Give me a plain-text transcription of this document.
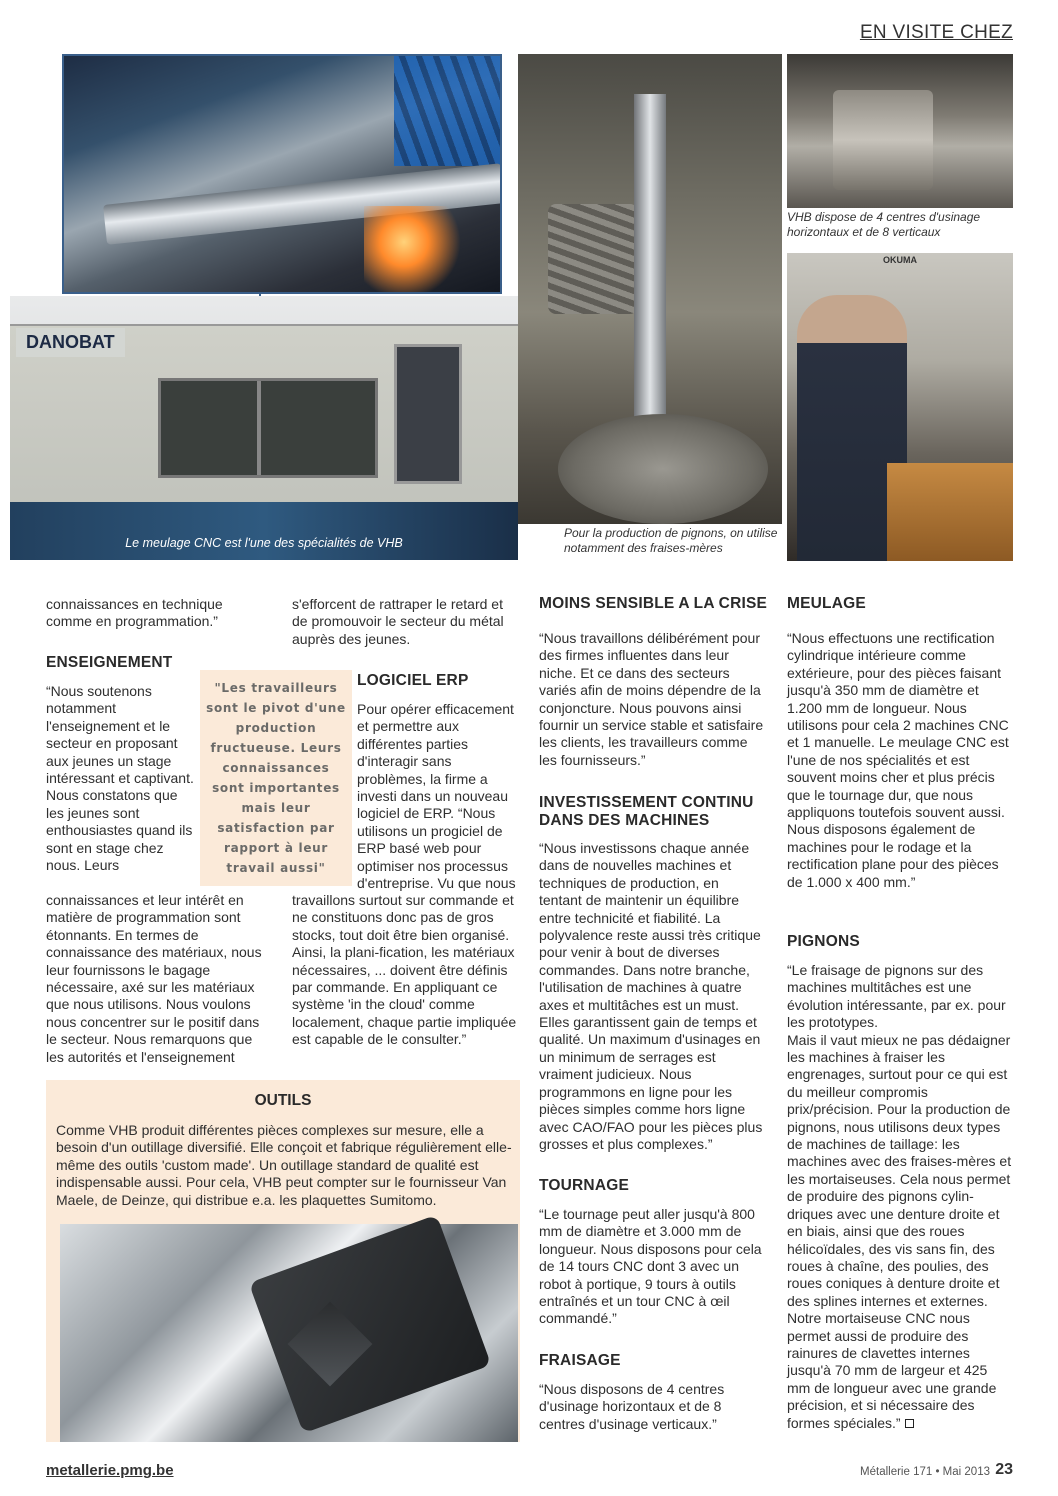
EN VISITE CHEZ
DANOBAT
Le meulage CNC est l'une des spécialités de VHB
Pour la production de pignons, on utilise notamment des fraises-mères
VHB dispose de 4 centres d'usinage horizontaux et de 8 verticaux
OKUMA
connaissances en technique comme en programmation.”
ENSEIGNEMENT
“Nous soutenons notamment l'enseignement et le secteur en proposant aux jeunes un stage intéressant et captivant. Nous constatons que les jeunes sont enthousiastes quand ils sont en stage chez nous. Leurs
connaissances et leur intérêt en matière de programmation sont étonnants. En termes de connaissance des matériaux, nous leur fournissons le bagage nécessaire, axé sur les matériaux que nous utilisons. Nous voulons nous concentrer sur le positif dans le secteur. Nous remarquons que les autorités et l'enseignement
"Les travailleurs sont le pivot d'une production fructueuse. Leurs connaissances sont importantes mais leur satisfaction par rapport à leur travail aussi"
s'efforcent de rattraper le retard et de promouvoir le secteur du métal auprès des jeunes.
LOGICIEL ERP
Pour opérer efficacement et permettre aux différentes parties d'interagir sans problèmes, la firme a investi dans un nouveau logiciel de ERP. “Nous utilisons un progiciel de ERP basé web pour optimiser nos processus d'entreprise. Vu que nous
travaillons surtout sur commande et ne constituons donc pas de gros stocks, tout doit être bien organisé. Ainsi, la plani-fication, les matériaux nécessaires, ... doivent être définis par commande. En appliquant ce système 'in the cloud' comme localement, chaque partie impliquée est capable de le consulter.”
OUTILS
Comme VHB produit différentes pièces complexes sur mesure, elle a besoin d'un outillage diversifié. Elle conçoit et fabrique régulièrement elle-même des outils 'custom made'. Un outillage standard de qualité est indispensable aussi. Pour cela, VHB peut compter sur le fournisseur Van Maele, de Deinze, qui distribue e.a. les plaquettes Sumitomo.
MOINS SENSIBLE A LA CRISE
“Nous travaillons délibérément pour des firmes influentes dans leur niche. Et ce dans des secteurs variés afin de moins dépendre de la conjoncture. Nous pouvons ainsi fournir un service stable et satisfaire les clients, les travailleurs comme les fournisseurs.”
INVESTISSEMENT CONTINU DANS DES MACHINES
“Nous investissons chaque année dans de nouvelles machines et techniques de production, en tentant de maintenir un équilibre entre technicité et fiabilité. La polyvalence reste aussi très critique pour venir à bout de diverses commandes. Dans notre branche, l'utilisation de machines à quatre axes et multitâches est un must. Elles garantissent gain de temps et qualité. Un maximum d'usinages en un minimum de serrages est vraiment judicieux. Nous programmons en ligne pour les pièces simples comme hors ligne avec CAO/FAO pour les pièces plus grosses et plus complexes.”
TOURNAGE
“Le tournage peut aller jusqu'à 800 mm de diamètre et 3.000 mm de longueur. Nous disposons pour cela de 14 tours CNC dont 3 avec un robot à portique, 9 tours à outils entraînés et un tour CNC à œil commandé.”
FRAISAGE
“Nous disposons de 4 centres d'usinage horizontaux et de 8 centres d'usinage verticaux.”
MEULAGE
“Nous effectuons une rectification cylindrique intérieure comme extérieure, pour des pièces faisant jusqu'à 350 mm de diamètre et 1.200 mm de longueur. Nous utilisons pour cela 2 machines CNC et 1 manuelle. Le meulage CNC est l'une de nos spécialités et est souvent moins cher et plus précis que le tournage dur, que nous appliquons toutefois souvent aussi. Nous disposons également de machines pour le rodage et la rectification plane pour des pièces de 1.000 x 400 mm.”
PIGNONS

“Le fraisage de pignons sur des machines multitâches est une évolution intéressante, par ex. pour les prototypes.

Mais il vaut mieux ne pas dédaigner les machines à fraiser les engrenages, surtout pour ce qui est du meilleur compromis prix/précision. Pour la production de pignons, nous utilisons deux types de machines de taillage: les machines avec des fraises-mères et les mortaiseuses. Cela nous permet de produire des pignons cylin-driques avec une denture droite et en biais, ainsi que des roues hélicoïdales, des vis sans fin, des roues à chaîne, des poulies, des roues coniques à denture droite et des splines internes et externes.

Notre mortaiseuse CNC nous permet aussi de produire des rainures de clavettes internes jusqu'à 70 mm de largeur et 425 mm de longueur avec une grande précision, et si nécessaire des formes spéciales.”

metallerie.pmg.be	Métallerie 171 • Mai 2013 23
